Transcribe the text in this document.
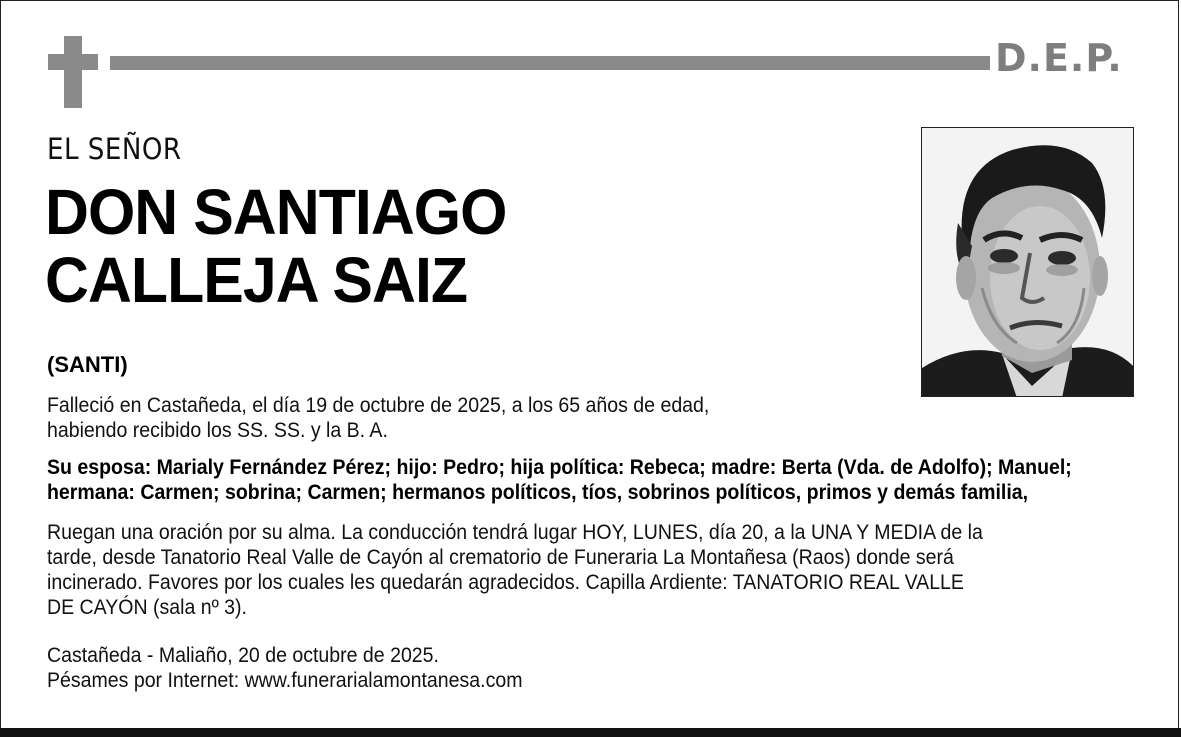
D.E.P.
EL SEÑOR
DON SANTIAGO
CALLEJA SAIZ
(SANTI)
Falleció en Castañeda, el día 19 de octubre de 2025, a los 65 años de edad,
habiendo recibido los SS. SS. y la B. A.
Su esposa: Marialy Fernández Pérez; hijo: Pedro; hija política: Rebeca; madre: Berta (Vda. de Adolfo); Manuel;
hermana: Carmen; sobrina; Carmen; hermanos políticos, tíos, sobrinos políticos, primos y demás familia,
Ruegan una oración por su alma. La conducción tendrá lugar HOY, LUNES, día 20, a la UNA Y MEDIA de la
tarde, desde Tanatorio Real Valle de Cayón al crematorio de Funeraria La Montañesa (Raos) donde será
incinerado. Favores por los cuales les quedarán agradecidos. Capilla Ardiente: TANATORIO REAL VALLE
DE CAYÓN (sala nº 3).
Castañeda - Maliaño, 20 de octubre de 2025.
Pésames por Internet: www.funerarialamontanesa.com
